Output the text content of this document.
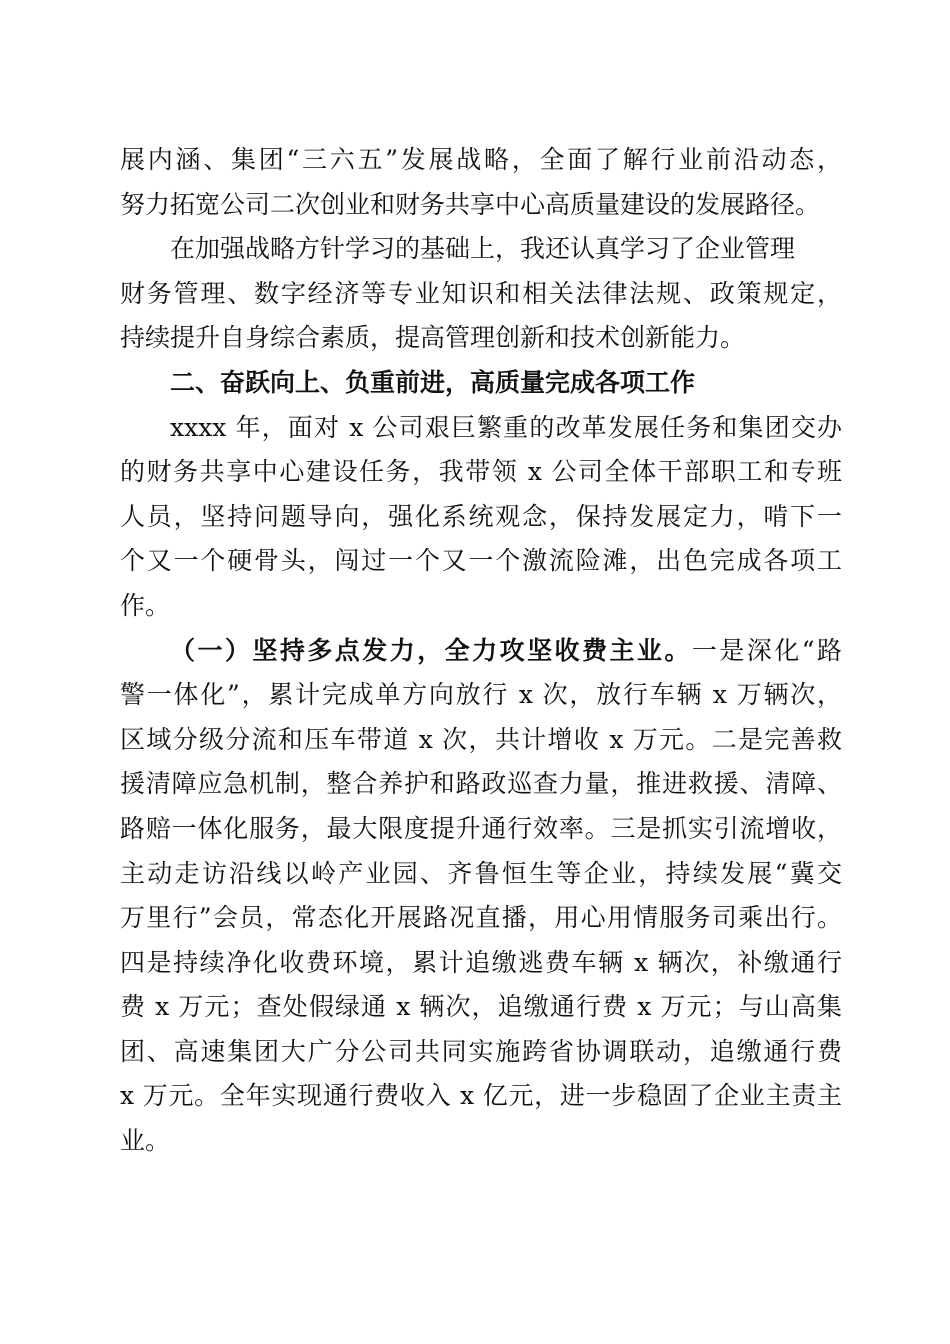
展内涵、集团“三六五”发展战略，全面了解行业前沿动态，
努力拓宽公司二次创业和财务共享中心高质量建设的发展路径。
在加强战略方针学习的基础上，我还认真学习了企业管理
财务管理、数字经济等专业知识和相关法律法规、政策规定，
持续提升自身综合素质，提高管理创新和技术创新能力。
二、奋跃向上、负重前进，高质量完成各项工作
xxxx 年，面对 x 公司艰巨繁重的改革发展任务和集团交办
的财务共享中心建设任务，我带领 x 公司全体干部职工和专班
人员，坚持问题导向，强化系统观念，保持发展定力，啃下一
个又一个硬骨头，闯过一个又一个激流险滩，出色完成各项工
作。
（一）坚持多点发力，全力攻坚收费主业。一是深化“路
警一体化”，累计完成单方向放行 x 次，放行车辆 x 万辆次，
区域分级分流和压车带道 x 次，共计增收 x 万元。二是完善救
援清障应急机制，整合养护和路政巡查力量，推进救援、清障、
路赔一体化服务，最大限度提升通行效率。三是抓实引流增收，
主动走访沿线以岭产业园、齐鲁恒生等企业，持续发展“冀交
万里行”会员，常态化开展路况直播，用心用情服务司乘出行。
四是持续净化收费环境，累计追缴逃费车辆 x 辆次，补缴通行
费 x 万元；查处假绿通 x 辆次，追缴通行费 x 万元；与山高集
团、高速集团大广分公司共同实施跨省协调联动，追缴通行费
x 万元。全年实现通行费收入 x 亿元，进一步稳固了企业主责主
业。
